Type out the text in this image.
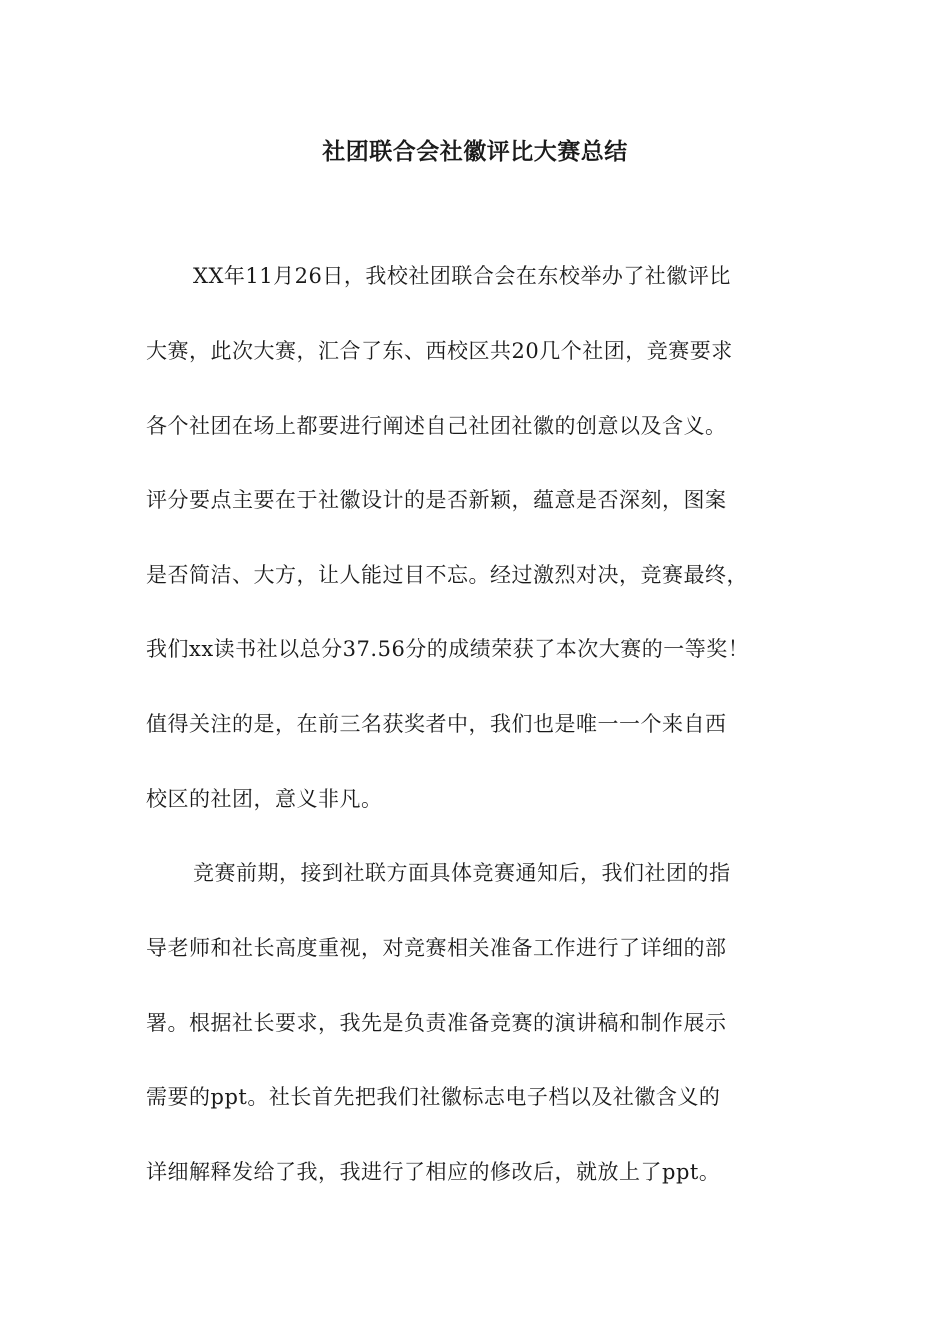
社团联合会社徽评比大赛总结
XX年11月26日，我校社团联合会在东校举办了社徽评比
大赛，此次大赛，汇合了东、西校区共20几个社团，竞赛要求
各个社团在场上都要进行阐述自己社团社徽的创意以及含义。
评分要点主要在于社徽设计的是否新颖，蕴意是否深刻，图案
是否简洁、大方，让人能过目不忘。经过激烈对决，竞赛最终，
我们xx读书社以总分37.56分的成绩荣获了本次大赛的一等奖！
值得关注的是，在前三名获奖者中，我们也是唯一一个来自西
校区的社团，意义非凡。
竞赛前期，接到社联方面具体竞赛通知后，我们社团的指
导老师和社长高度重视，对竞赛相关准备工作进行了详细的部
署。根据社长要求，我先是负责准备竞赛的演讲稿和制作展示
需要的ppt。社长首先把我们社徽标志电子档以及社徽含义的
详细解释发给了我，我进行了相应的修改后，就放上了ppt。
